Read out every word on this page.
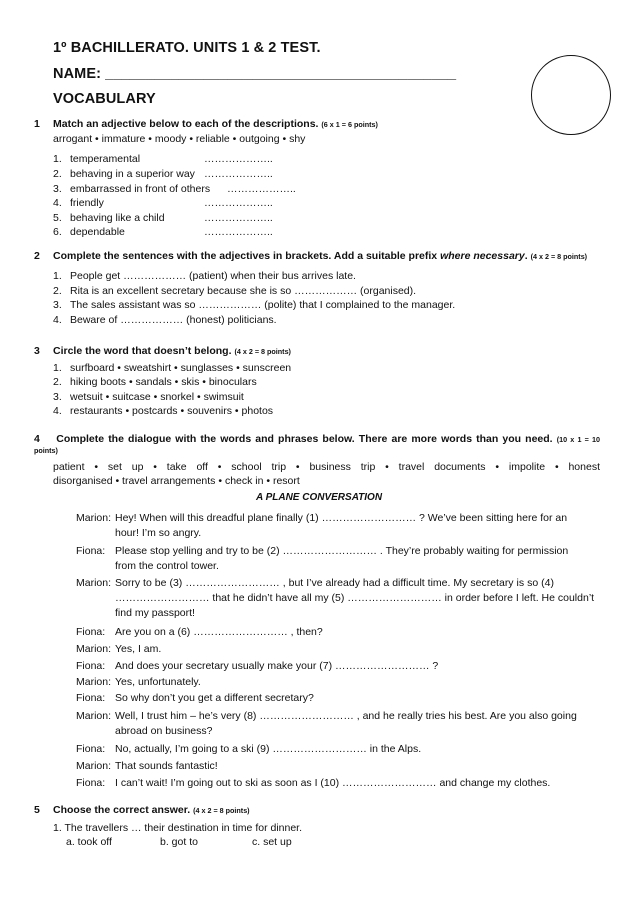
1º BACHILLERATO. UNITS 1 & 2 TEST.
NAME: ___________________________________________
VOCABULARY
1 Match an adjective below to each of the descriptions. (6 x 1 = 6 points)
arrogant • immature • moody • reliable • outgoing • shy
1. temperamental	………………..
2. behaving in a superior way ………………..
3. embarrassed in front of others ………………..
4. friendly	………………..
5. behaving like a child	………………..
6. dependable	………………..
2 Complete the sentences with the adjectives in brackets. Add a suitable prefix where necessary. (4 x 2 = 8 points)
1. People get ……………… (patient) when their bus arrives late.
2. Rita is an excellent secretary because she is so ……………… (organised).
3. The sales assistant was so ……………… (polite) that I complained to the manager.
4. Beware of ……………… (honest) politicians.
3 Circle the word that doesn’t belong. (4 x 2 = 8 points)
1. surfboard • sweatshirt • sunglasses • sunscreen
2. hiking boots • sandals • skis • binoculars
3. wetsuit • suitcase • snorkel • swimsuit
4. restaurants • postcards • souvenirs • photos
4 Complete the dialogue with the words and phrases below. There are more words than you need. (10 x 1 = 10
points)
patient • set up • take off • school trip • business trip • travel documents • impolite • honest
disorganised • travel arrangements • check in • resort
A PLANE CONVERSATION
Marion: Hey! When will this dreadful plane finally (1) ……………………… ? We’ve been sitting here for an
hour! I’m so angry.
Fiona: Please stop yelling and try to be (2) ……………………… . They’re probably waiting for permission
from the control tower.
Marion: Sorry to be (3) ……………………… , but I’ve already had a difficult time. My secretary is so (4)
……………………… that he didn’t have all my (5) ……………………… in order before I left. He couldn’t
find my passport!
Fiona: Are you on a (6) ……………………… , then?
Marion: Yes, I am.
Fiona: And does your secretary usually make your (7) ……………………… ?
Marion: Yes, unfortunately.
Fiona: So why don’t you get a different secretary?
Marion: Well, I trust him – he’s very (8) ……………………… , and he really tries his best. Are you also going
abroad on business?
Fiona: No, actually, I’m going to a ski (9) ……………………… in the Alps.
Marion: That sounds fantastic!
Fiona: I can’t wait! I’m going out to ski as soon as I (10) ……………………… and change my clothes.
5 Choose the correct answer. (4 x 2 = 8 points)
1. The travellers … their destination in time for dinner.
a. took off	b. got to	c. set up
